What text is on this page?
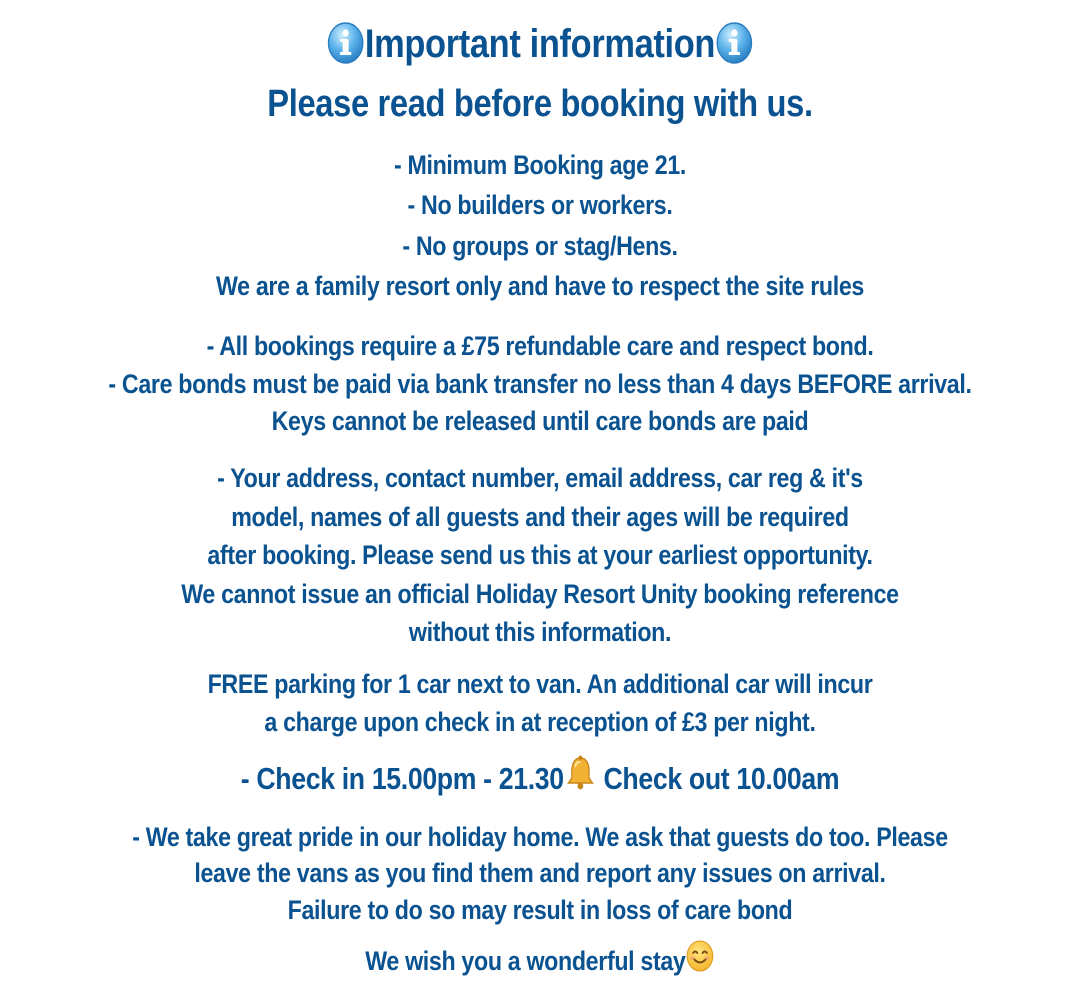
Important information
Please read before booking with us.
- Minimum Booking age 21.
- No builders or workers.
- No groups or stag/Hens.
We are a family resort only and have to respect the site rules
- All bookings require a £75 refundable care and respect bond.
- Care bonds must be paid via bank transfer no less than 4 days BEFORE arrival.
Keys cannot be released until care bonds are paid
- Your address, contact number, email address, car reg & it's
model, names of all guests and their ages will be required
after booking. Please send us this at your earliest opportunity.
We cannot issue an official Holiday Resort Unity booking reference
without this information.
FREE parking for 1 car next to van. An additional car will incur
a charge upon check in at reception of £3 per night.
- Check in 15.00pm - 21.30 Check out 10.00am
- We take great pride in our holiday home. We ask that guests do too. Please
leave the vans as you find them and report any issues on arrival.
Failure to do so may result in loss of care bond
We wish you a wonderful stay
